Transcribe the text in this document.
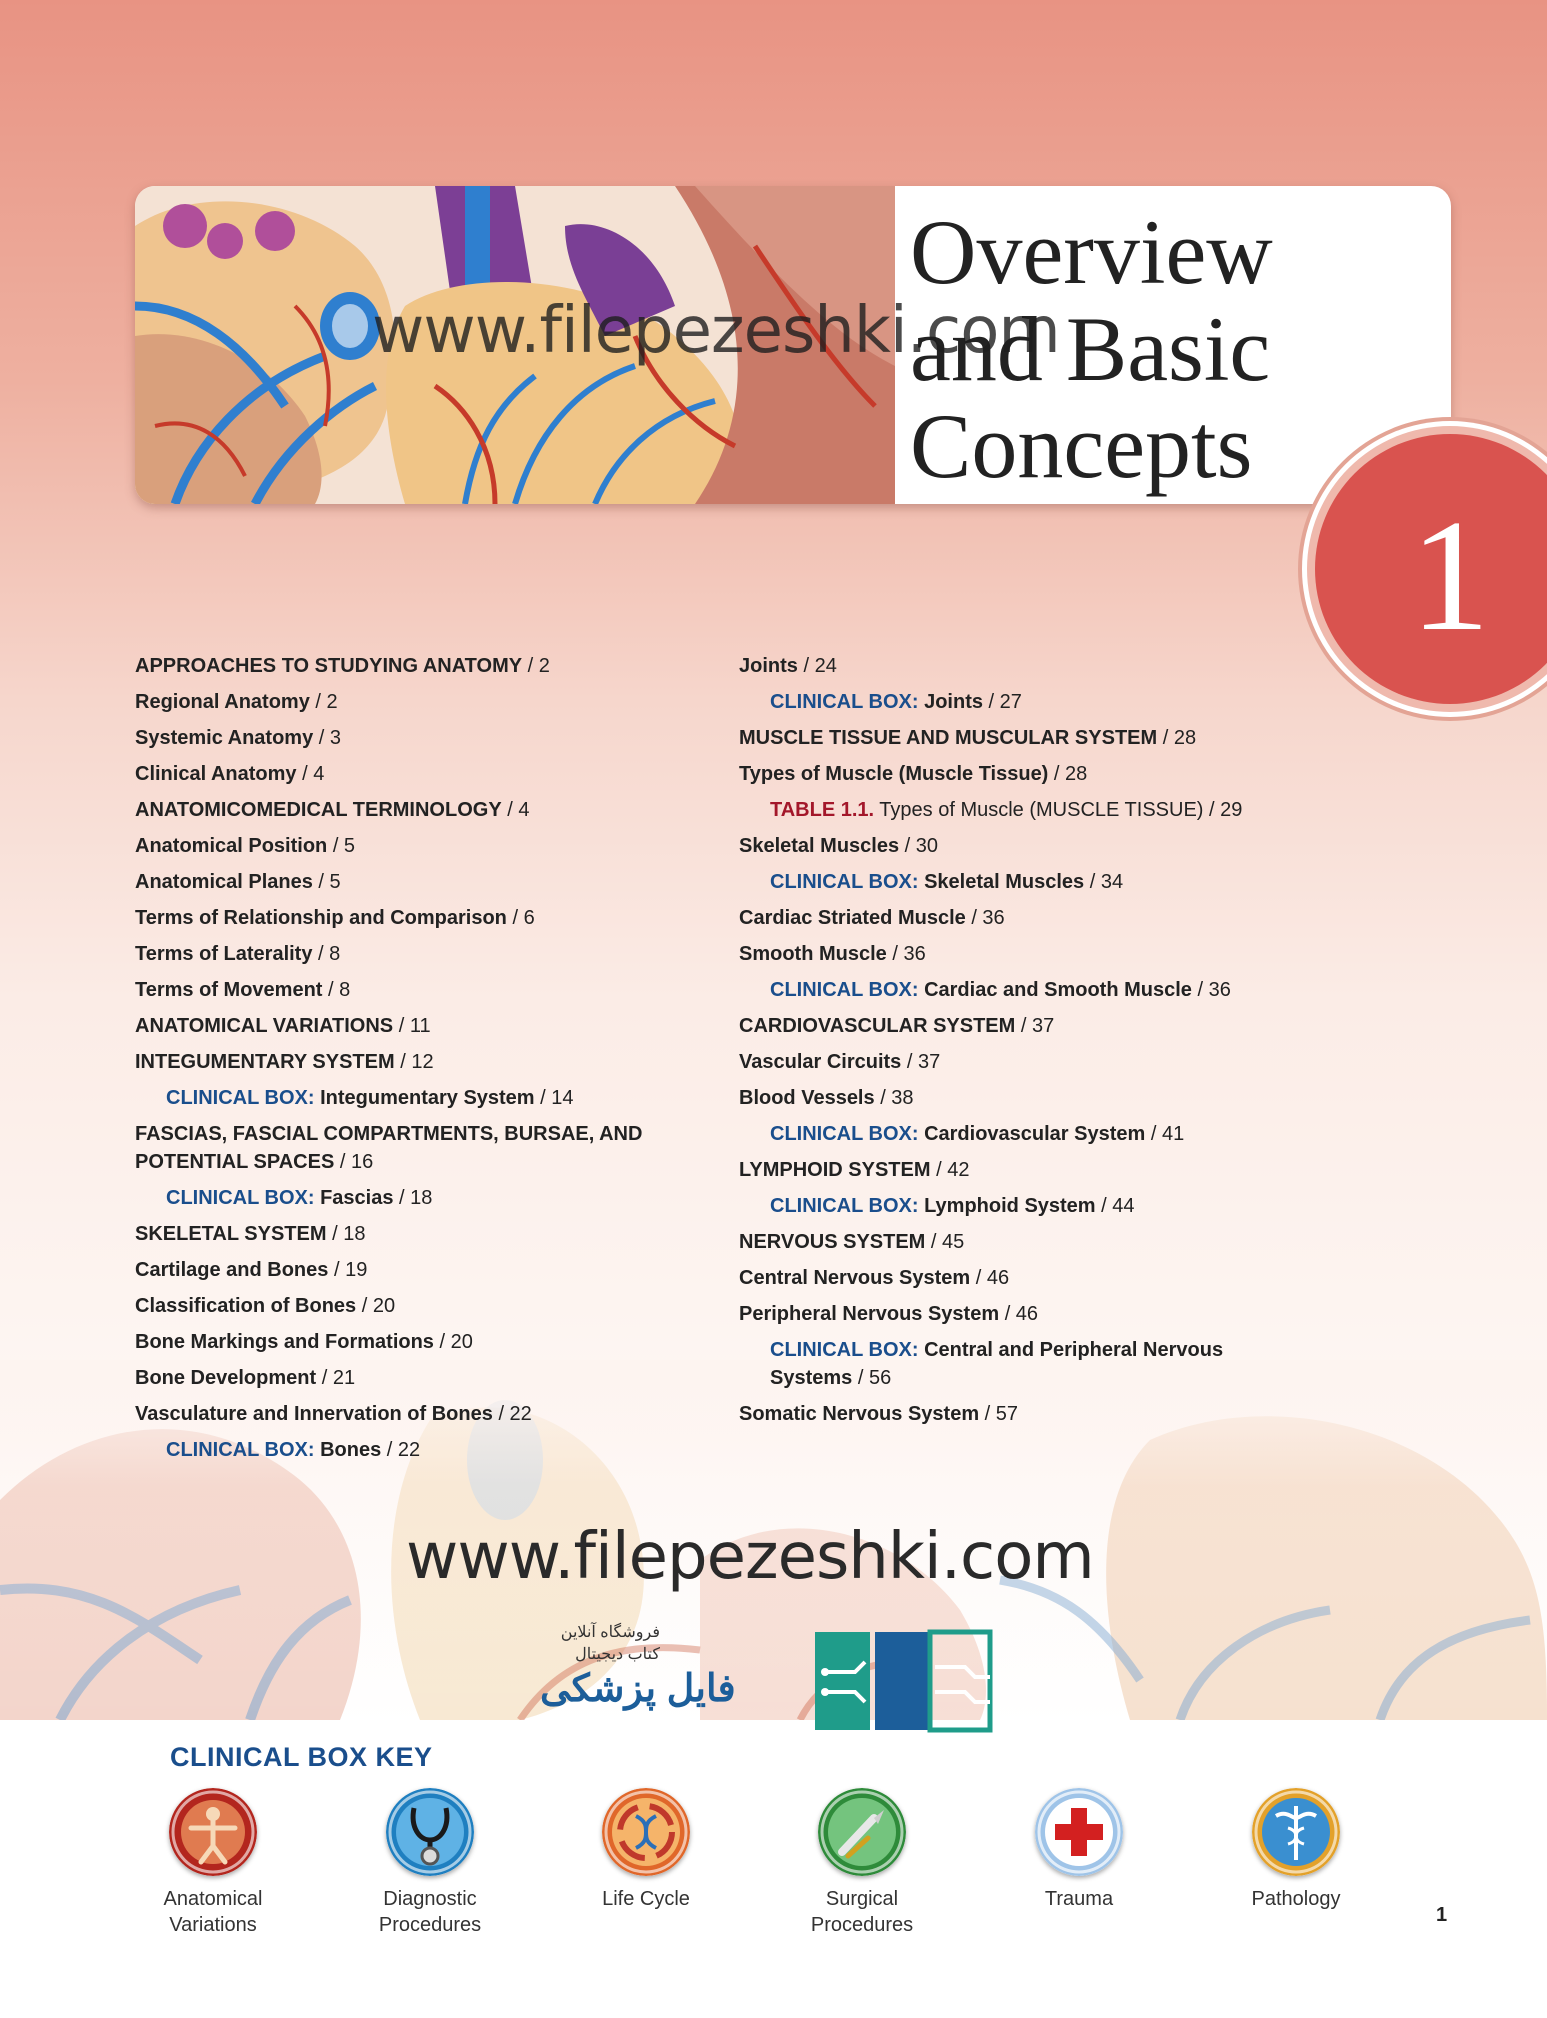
Overview
and Basic
Concepts
www.filepezeshki.com
1
APPROACHES TO STUDYING ANATOMY / 2
Regional Anatomy / 2
Systemic Anatomy / 3
Clinical Anatomy / 4
ANATOMICOMEDICAL TERMINOLOGY / 4
Anatomical Position / 5
Anatomical Planes / 5
Terms of Relationship and Comparison / 6
Terms of Laterality / 8
Terms of Movement / 8
ANATOMICAL VARIATIONS / 11
INTEGUMENTARY SYSTEM / 12
CLINICAL BOX: Integumentary System / 14
FASCIAS, FASCIAL COMPARTMENTS, BURSAE, AND POTENTIAL SPACES / 16
CLINICAL BOX: Fascias / 18
SKELETAL SYSTEM / 18
Cartilage and Bones / 19
Classification of Bones / 20
Bone Markings and Formations / 20
Bone Development / 21
Vasculature and Innervation of Bones / 22
CLINICAL BOX: Bones / 22
Joints / 24
CLINICAL BOX: Joints / 27
MUSCLE TISSUE AND MUSCULAR SYSTEM / 28
Types of Muscle (Muscle Tissue) / 28
TABLE 1.1. Types of Muscle (MUSCLE TISSUE) / 29
Skeletal Muscles / 30
CLINICAL BOX: Skeletal Muscles / 34
Cardiac Striated Muscle / 36
Smooth Muscle / 36
CLINICAL BOX: Cardiac and Smooth Muscle / 36
CARDIOVASCULAR SYSTEM / 37
Vascular Circuits / 37
Blood Vessels / 38
CLINICAL BOX: Cardiovascular System / 41
LYMPHOID SYSTEM / 42
CLINICAL BOX: Lymphoid System / 44
NERVOUS SYSTEM / 45
Central Nervous System / 46
Peripheral Nervous System / 46
CLINICAL BOX: Central and Peripheral Nervous Systems / 56
Somatic Nervous System / 57
www.filepezeshki.com
فروشگاه آنلاین
کتاب دیجیتال
فایل پزشکی
CLINICAL BOX KEY
Anatomical
Variations
Diagnostic
Procedures
Life Cycle	Surgical
Procedures
Trauma	Pathology
1
